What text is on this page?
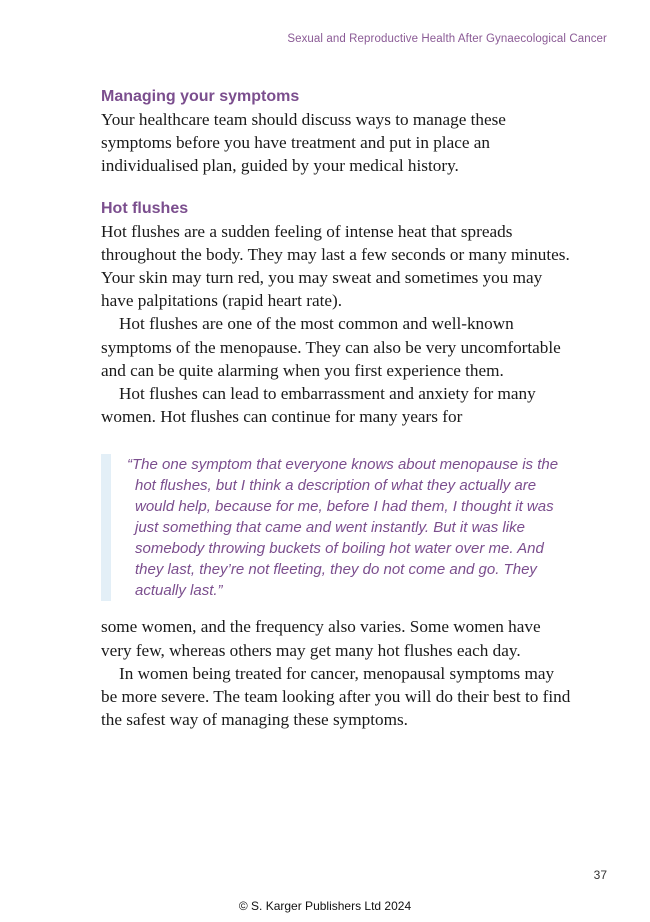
Sexual and Reproductive Health After Gynaecological Cancer
Managing your symptoms

Your healthcare team should discuss ways to manage these symptoms before you have treatment and put in place an individualised plan, guided by your medical history.

Hot flushes

Hot flushes are a sudden feeling of intense heat that spreads throughout the body. They may last a few seconds or many minutes. Your skin may turn red, you may sweat and sometimes you may have palpitations (rapid heart rate).

Hot flushes are one of the most common and well-known symptoms of the menopause. They can also be very uncomfortable and can be quite alarming when you first experience them.

Hot flushes can lead to embarrassment and anxiety for many women. Hot flushes can continue for many years for

“The one symptom that everyone knows about menopause is the hot flushes, but I think a description of what they actually are would help, because for me, before I had them, I thought it was just something that came and went instantly. But it was like somebody throwing buckets of boiling hot water over me. And they last, they’re not fleeting, they do not come and go. They actually last.”

some women, and the frequency also varies. Some women have very few, whereas others may get many hot flushes each day.

In women being treated for cancer, menopausal symptoms may be more severe. The team looking after you will do their best to find the safest way of managing these symptoms.

37
© S. Karger Publishers Ltd 2024
